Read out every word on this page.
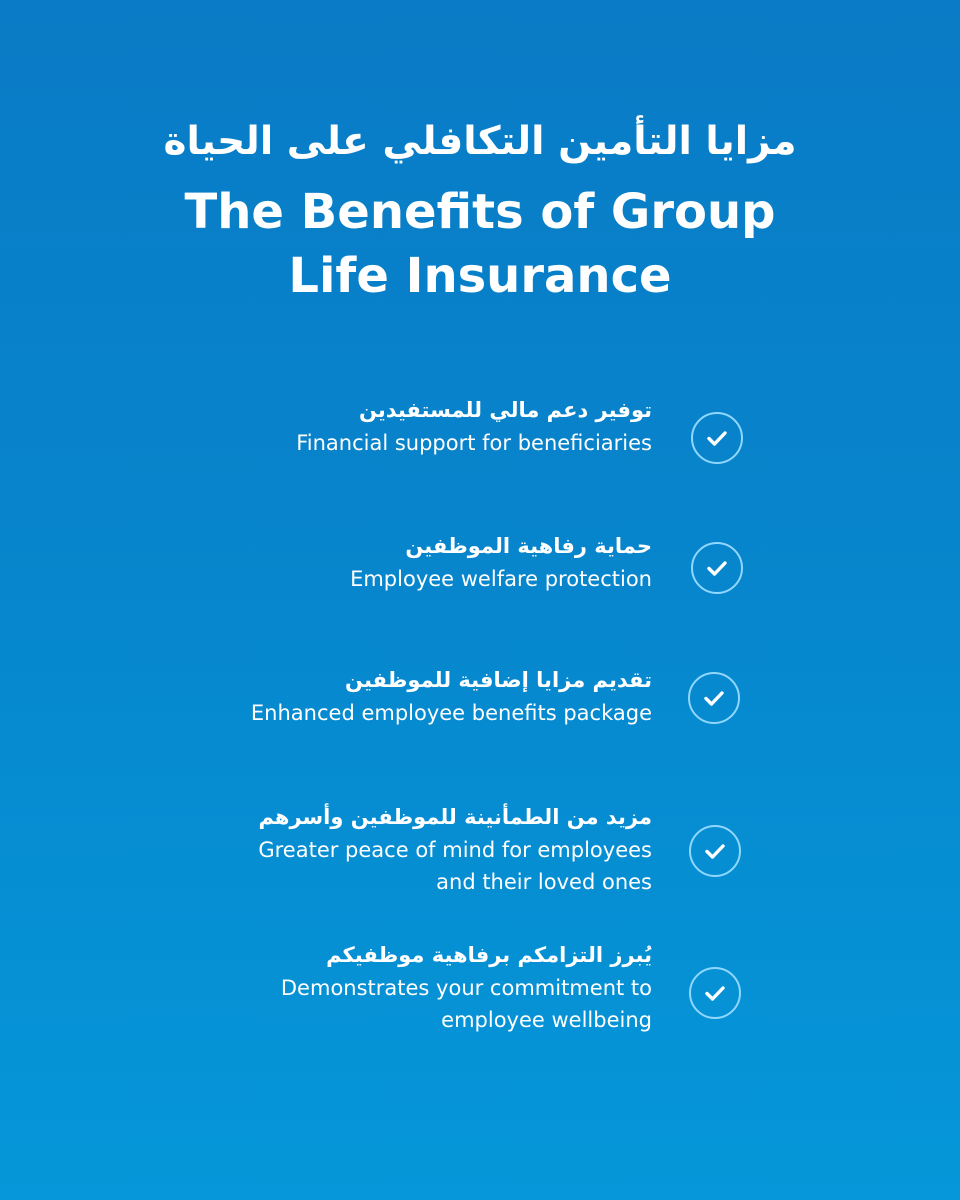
مزايا التأمين التكافلي على الحياة

The Benefits of Group
Life Insurance

توفير دعم مالي للمستفيدين

Financial support for beneficiaries

حماية رفاهية الموظفين

Employee welfare protection

تقديم مزايا إضافية للموظفين

Enhanced employee benefits package

مزيد من الطمأنينة للموظفين وأسرهم

Greater peace of mind for employees
and their loved ones

يُبرز التزامكم برفاهية موظفيكم

Demonstrates your commitment to
employee wellbeing
